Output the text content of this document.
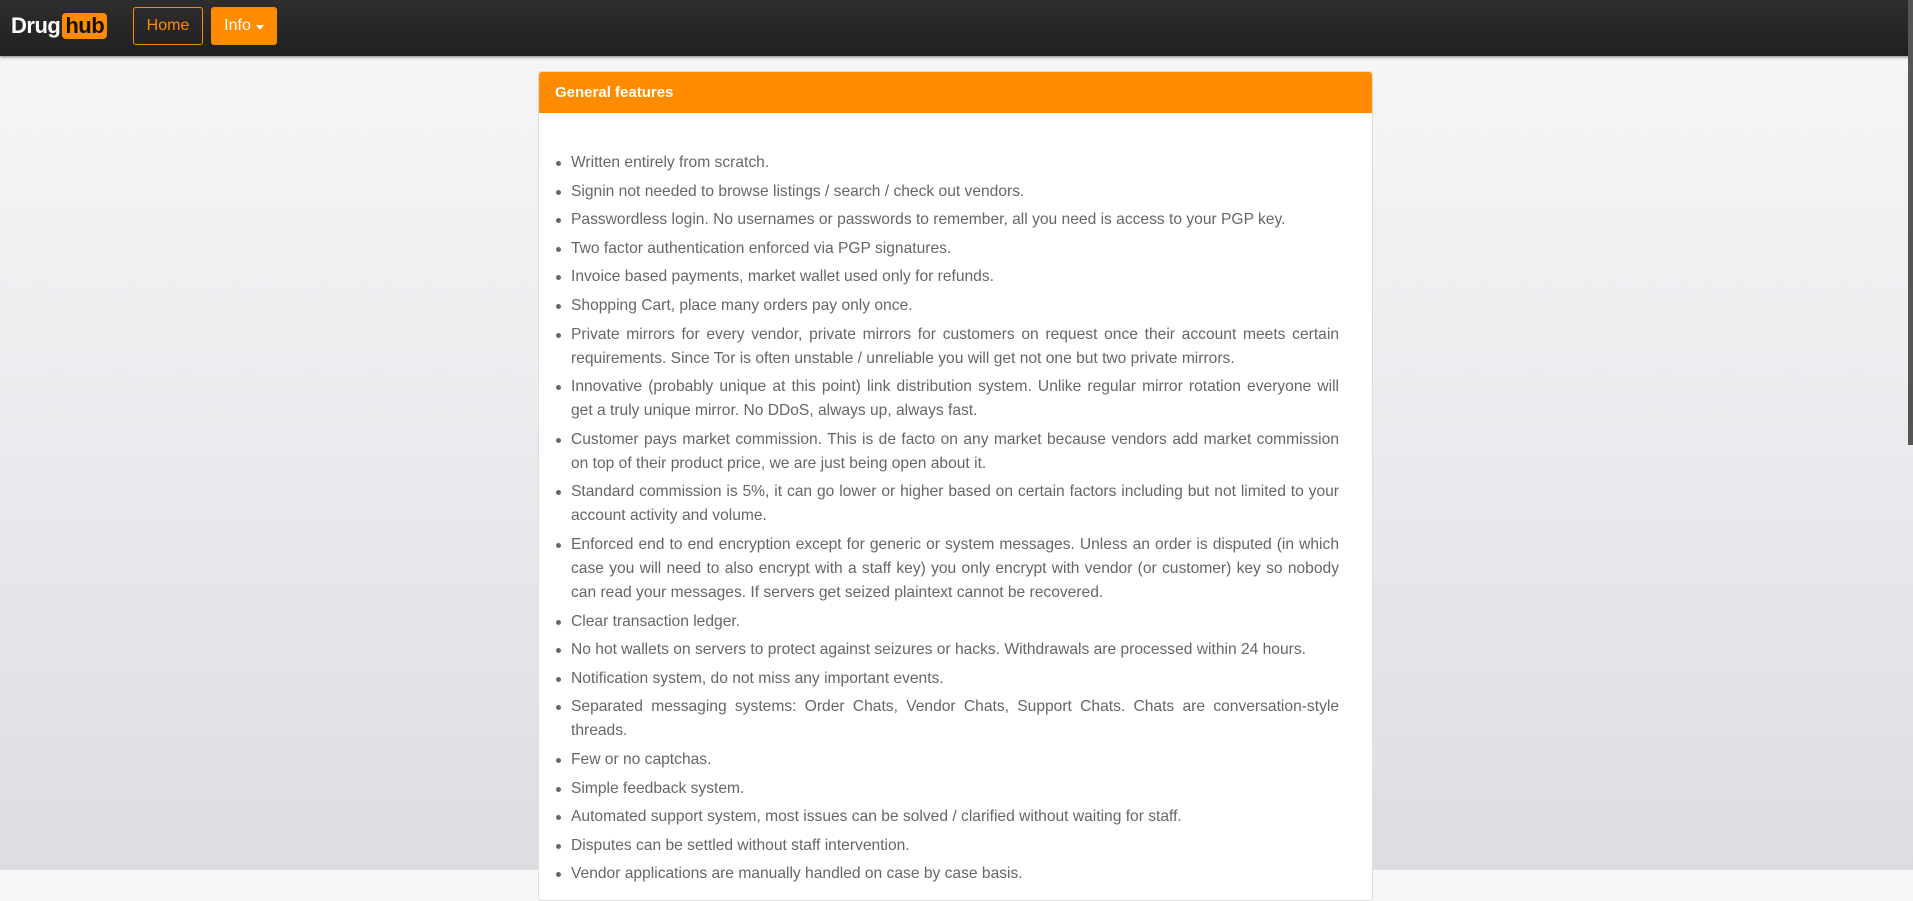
Drug hub	Home Info
General features
Written entirely from scratch.
Signin not needed to browse listings / search / check out vendors.
Passwordless login. No usernames or passwords to remember, all you need is access to your PGP key.
Two factor authentication enforced via PGP signatures.
Invoice based payments, market wallet used only for refunds.
Shopping Cart, place many orders pay only once.
Private mirrors for every vendor, private mirrors for customers on request once their account meets certain requirements. Since Tor is often unstable / unreliable you will get not one but two private mirrors.
Innovative (probably unique at this point) link distribution system. Unlike regular mirror rotation everyone will get a truly unique mirror. No DDoS, always up, always fast.
Customer pays market commission. This is de facto on any market because vendors add market commission on top of their product price, we are just being open about it.
Standard commission is 5%, it can go lower or higher based on certain factors including but not limited to your account activity and volume.
Enforced end to end encryption except for generic or system messages. Unless an order is disputed (in which case you will need to also encrypt with a staff key) you only encrypt with vendor (or customer) key so nobody can read your messages. If servers get seized plaintext cannot be recovered.
Clear transaction ledger.
No hot wallets on servers to protect against seizures or hacks. Withdrawals are processed within 24 hours.
Notification system, do not miss any important events.
Separated messaging systems: Order Chats, Vendor Chats, Support Chats. Chats are conversation-style threads.
Few or no captchas.
Simple feedback system.
Automated support system, most issues can be solved / clarified without waiting for staff.
Disputes can be settled without staff intervention.
Vendor applications are manually handled on case by case basis.
